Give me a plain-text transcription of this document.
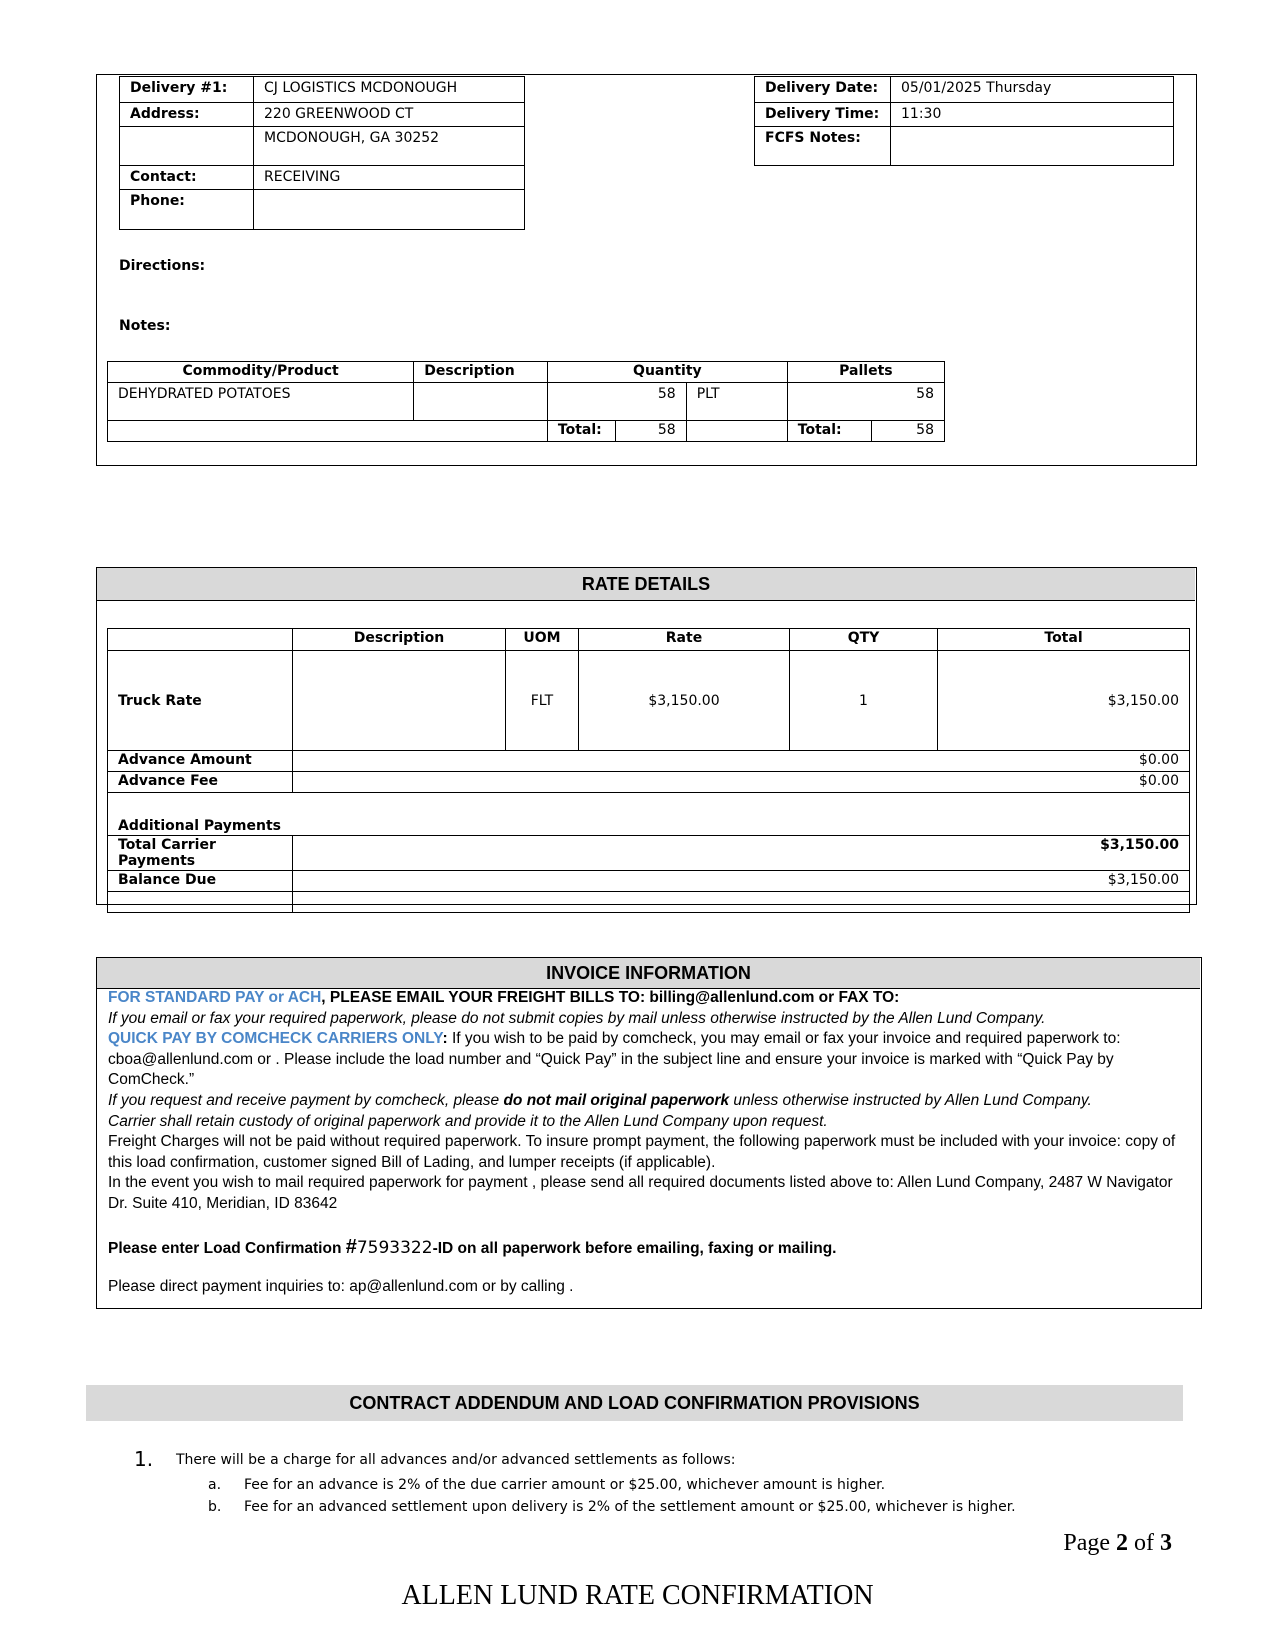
Delivery #1:	CJ LOGISTICS MCDONOUGH
Address:	220 GREENWOOD CT
	MCDONOUGH, GA 30252
Contact:	RECEIVING
Phone:	
Delivery Date:	05/01/2025 Thursday
Delivery Time:	11:30
FCFS Notes:	
Directions:
Notes:
Commodity/Product	Description	Quantity			Pallets	
DEHYDRATED POTATOES		58		PLT	58	
		Total:	58		Total:	58
RATE DETAILS
	Description	UOM	Rate	QTY	Total
Truck Rate		FLT	$3,150.00	1	$3,150.00
Advance Amount	$0.00				
Advance Fee	$0.00				
Additional Payments					
Total Carrier Payments	$3,150.00				
Balance Due	$3,150.00				

INVOICE INFORMATION
FOR STANDARD PAY or ACH, PLEASE EMAIL YOUR FREIGHT BILLS TO: billing@allenlund.com or FAX TO:
If you email or fax your required paperwork, please do not submit copies by mail unless otherwise instructed by the Allen Lund Company.
QUICK PAY BY COMCHECK CARRIERS ONLY: If you wish to be paid by comcheck, you may email or fax your invoice and required paperwork to: cboa@allenlund.com or . Please include the load number and “Quick Pay” in the subject line and ensure your invoice is marked with “Quick Pay by ComCheck.”
If you request and receive payment by comcheck, please do not mail original paperwork unless otherwise instructed by Allen Lund Company.
Carrier shall retain custody of original paperwork and provide it to the Allen Lund Company upon request.
Freight Charges will not be paid without required paperwork. To insure prompt payment, the following paperwork must be included with your invoice: copy of this load confirmation, customer signed Bill of Lading, and lumper receipts (if applicable).
In the event you wish to mail required paperwork for payment , please send all required documents listed above to: Allen Lund Company, 2487 W Navigator Dr. Suite 410, Meridian, ID 83642
Please enter Load Confirmation #7593322-ID on all paperwork before emailing, faxing or mailing.
Please direct payment inquiries to: ap@allenlund.com or by calling .
CONTRACT ADDENDUM AND LOAD CONFIRMATION PROVISIONS
1. There will be a charge for all advances and/or advanced settlements as follows:
a. Fee for an advance is 2% of the due carrier amount or $25.00, whichever amount is higher.
b. Fee for an advanced settlement upon delivery is 2% of the settlement amount or $25.00, whichever is higher.
Page 2 of 3
ALLEN LUND RATE CONFIRMATION
